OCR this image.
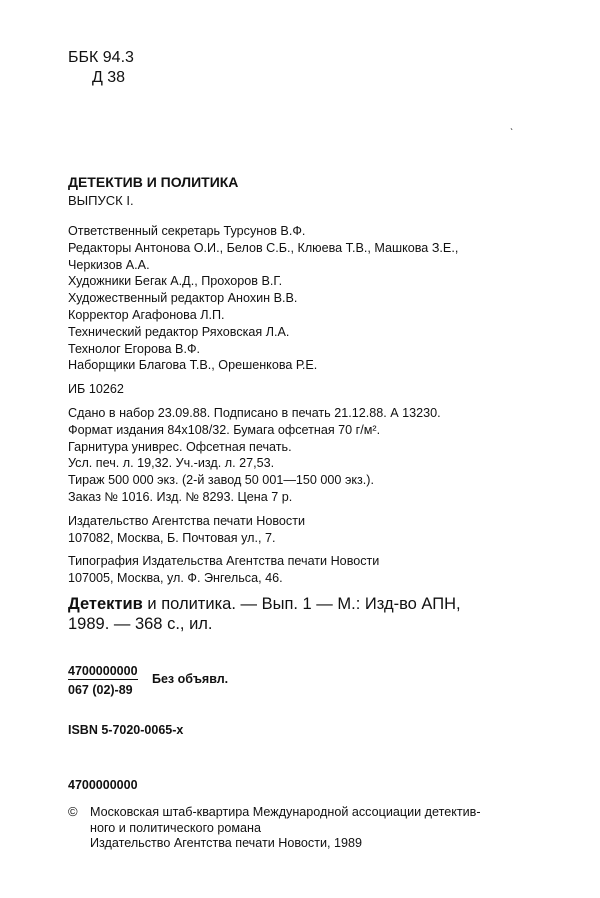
ББК 94.3
Д 38
ˋ
ДЕТЕКТИВ И ПОЛИТИКА
ВЫПУСК I.
Ответственный секретарь Турсунов В.Ф.
Редакторы Антонова О.И., Белов С.Б., Клюева Т.В., Машкова З.Е.,
Черкизов А.А.
Художники Бегак А.Д., Прохоров В.Г.
Художественный редактор Анохин В.В.
Корректор Агафонова Л.П.
Технический редактор Ряховская Л.А.
Технолог Егорова В.Ф.
Наборщики Благова Т.В., Орешенкова Р.Е.
ИБ 10262
Сдано в набор 23.09.88. Подписано в печать 21.12.88. А 13230.
Формат издания 84х108/32. Бумага офсетная 70 г/м².
Гарнитура униврес. Офсетная печать.
Усл. печ. л. 19,32. Уч.-изд. л. 27,53.
Тираж 500 000 экз. (2-й завод 50 001—150 000 экз.).
Заказ № 1016. Изд. № 8293. Цена 7 р.
Издательство Агентства печати Новости
107082, Москва, Б. Почтовая ул., 7.
Типография Издательства Агентства печати Новости
107005, Москва, ул. Ф. Энгельса, 46.
Детектив и политика. — Вып. 1 — М.: Изд-во АПН,
1989. — 368 с., ил.
4700000000
Без объявл.
067 (02)-89
ISBN 5-7020-0065-х
4700000000
© Московская штаб-квартира Международной ассоциации детектив-
ного и политического романа
Издательство Агентства печати Новости, 1989
